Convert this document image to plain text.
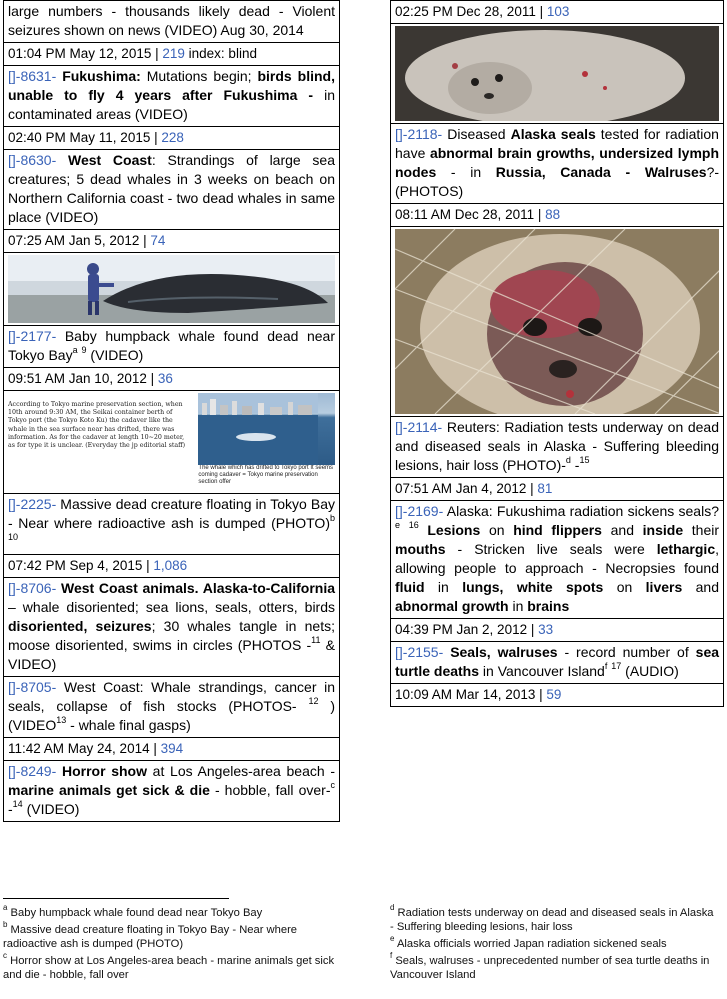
large numbers - thousands likely dead - Violent seizures shown on news (VIDEO) Aug 30, 2014
01:04 PM May 12, 2015 | 219 index: blind
[]-8631- Fukushima: Mutations begin; birds blind, unable to fly 4 years after Fukushima - in contaminated areas (VIDEO)
02:40 PM May 11, 2015 | 228
[]-8630- West Coast: Strandings of large sea creatures; 5 dead whales in 3 weeks on beach on Northern California coast - two dead whales in same place (VIDEO)
07:25 AM Jan 5, 2012 | 74
[]-2177- Baby humpback whale found dead near Tokyo Bay$^a$ $^9$ (VIDEO)
09:51 AM Jan 10, 2012 | 36
According to Tokyo marine preservation section, when 10th around 9:30 AM, the Seikai container berth of Tokyo port (the Tokyo Koto Ku) the cadaver like the whale in the sea surface near has drifted, there was information. As for the cadaver at length 10~20 meter, as for type it is unclear. (Everyday the jp editorial staff)
The whale which has drifted to Tokyo port It seems coming cadaver = Tokyo marine preservation section offer
[]-2225- Massive dead creature floating in Tokyo Bay - Near where radioactive ash is dumped (PHOTO)$^b$ $^{10}$
07:42 PM Sep 4, 2015 | 1,086
[]-8706- West Coast animals. Alaska-to-California – whale disoriented; sea lions, seals, otters, birds disoriented, seizures; 30 whales tangle in nets; moose disoriented, swims in circles (PHOTOS -$^{11}$ & VIDEO)
[]-8705- West Coast: Whale strandings, cancer in seals, collapse of fish stocks (PHOTOS- $^{12}$ ) (VIDEO$^{13}$ - whale final gasps)
11:42 AM May 24, 2014 | 394
[]-8249- Horror show at Los Angeles-area beach - marine animals get sick & die - hobble, fall over-$^c$ -$^{14}$ (VIDEO)
02:25 PM Dec 28, 2011 | 103
[]-2118- Diseased Alaska seals tested for radiation have abnormal brain growths, undersized lymph nodes - in Russia, Canada - Walruses?- (PHOTOS)
08:11 AM Dec 28, 2011 | 88
[]-2114- Reuters: Radiation tests underway on dead and diseased seals in Alaska - Suffering bleeding lesions, hair loss (PHOTO)-$^d$ -$^{15}$
07:51 AM Jan 4, 2012 | 81
[]-2169- Alaska: Fukushima radiation sickens seals?$^e$ $^{16}$ Lesions on hind flippers and inside their mouths - Stricken live seals were lethargic, allowing people to approach - Necropsies found fluid in lungs, white spots on livers and abnormal growth in brains
04:39 PM Jan 2, 2012 | 33
[]-2155- Seals, walruses - record number of sea turtle deaths in Vancouver Island$^f$ $^{17}$ (AUDIO)
10:09 AM Mar 14, 2013 | 59
$^a$ Baby humpback whale found dead near Tokyo Bay
$^b$ Massive dead creature floating in Tokyo Bay - Near where radioactive ash is dumped (PHOTO)
$^c$ Horror show at Los Angeles-area beach - marine animals get sick and die - hobble, fall over
$^d$ Radiation tests underway on dead and diseased seals in Alaska - Suffering bleeding lesions, hair loss
$^e$ Alaska officials worried Japan radiation sickened seals
$^f$ Seals, walruses - unprecedented number of sea turtle deaths in Vancouver Island
